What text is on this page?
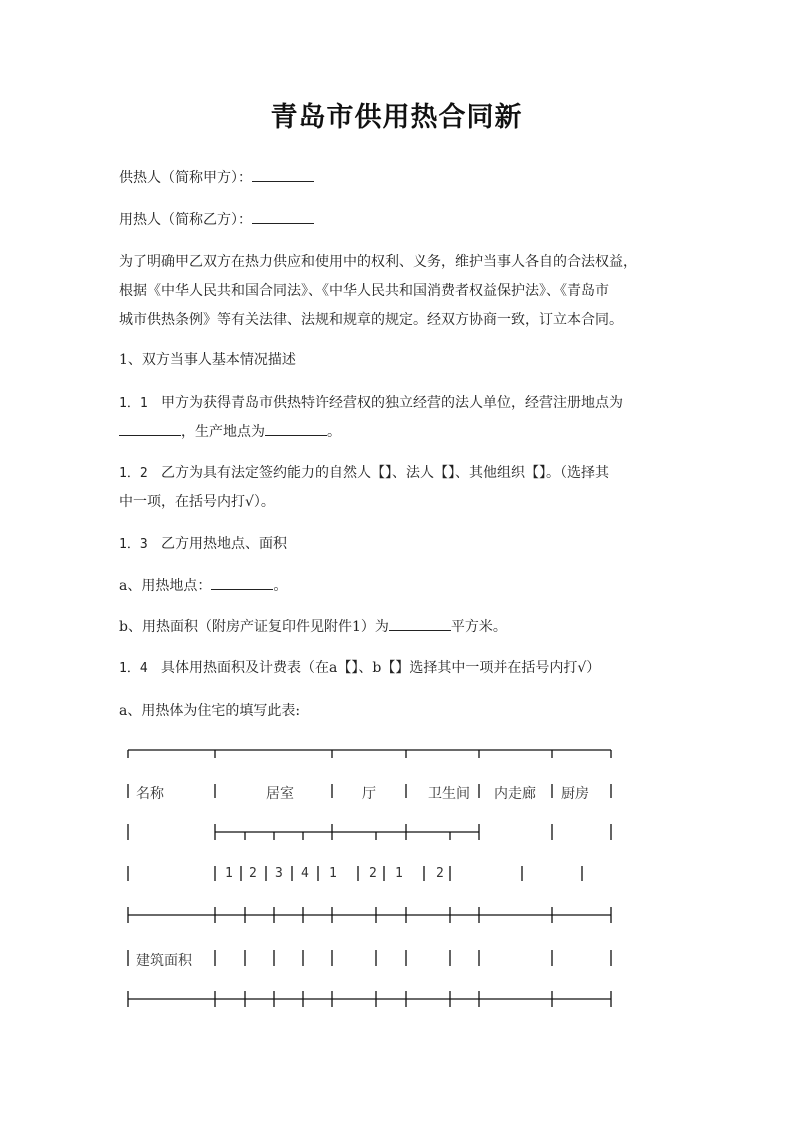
青岛市供用热合同新
供热人（简称甲方）：
用热人（简称乙方）：
为了明确甲乙双方在热力供应和使用中的权利、义务，维护当事人各自的合法权益，
根据《中华人民共和国合同法》、《中华人民共和国消费者权益保护法》、《青岛市
城市供热条例》等有关法律、法规和规章的规定。经双方协商一致，订立本合同。
1、双方当事人基本情况描述
1．1 甲方为获得青岛市供热特许经营权的独立经营的法人单位，经营注册地点为
，生产地点为	。
1．2 乙方为具有法定签约能力的自然人【】、法人【】、其他组织【】。（选择其
中一项，在括号内打√）。
1．3 乙方用热地点、面积
a、用热地点：	。
b、用热面积（附房产证复印件见附件1）为	平方米。
1．4 具体用热面积及计费表（在a【】、b【】选择其中一项并在括号内打√）
a、用热体为住宅的填写此表:
名称	居室	厅	卫生间 内走廊 厨房
1 2 3 4 1 2 1	2
建筑面积
